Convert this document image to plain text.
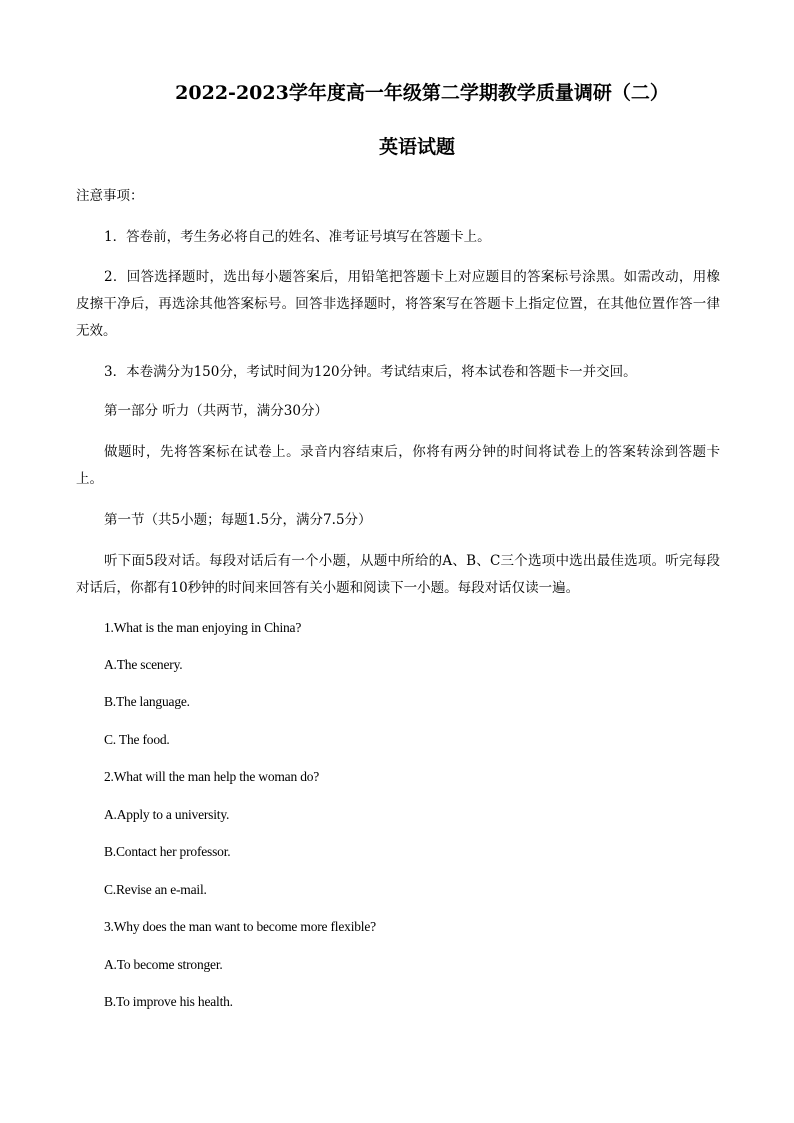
2022-2023学年度高一年级第二学期教学质量调研（二）
英语试题
注意事项：
1．答卷前，考生务必将自己的姓名、准考证号填写在答题卡上。
2．回答选择题时，选出每小题答案后，用铅笔把答题卡上对应题目的答案标号涂黑。如需改动，用橡皮擦干净后，再选涂其他答案标号。回答非选择题时，将答案写在答题卡上指定位置，在其他位置作答一律无效。
3．本卷满分为150分，考试时间为120分钟。考试结束后，将本试卷和答题卡一并交回。
第一部分 听力（共两节，满分30分）
做题时，先将答案标在试卷上。录音内容结束后，你将有两分钟的时间将试卷上的答案转涂到答题卡上。
第一节（共5小题；每题1.5分，满分7.5分）
听下面5段对话。每段对话后有一个小题，从题中所给的A、B、C三个选项中选出最佳选项。听完每段对话后，你都有10秒钟的时间来回答有关小题和阅读下一小题。每段对话仅读一遍。
1.What is the man enjoying in China?
A.The scenery.
B.The language.
C. The food.
2.What will the man help the woman do?
A.Apply to a university.
B.Contact her professor.
C.Revise an e-mail.
3.Why does the man want to become more flexible?
A.To become stronger.
B.To improve his health.
